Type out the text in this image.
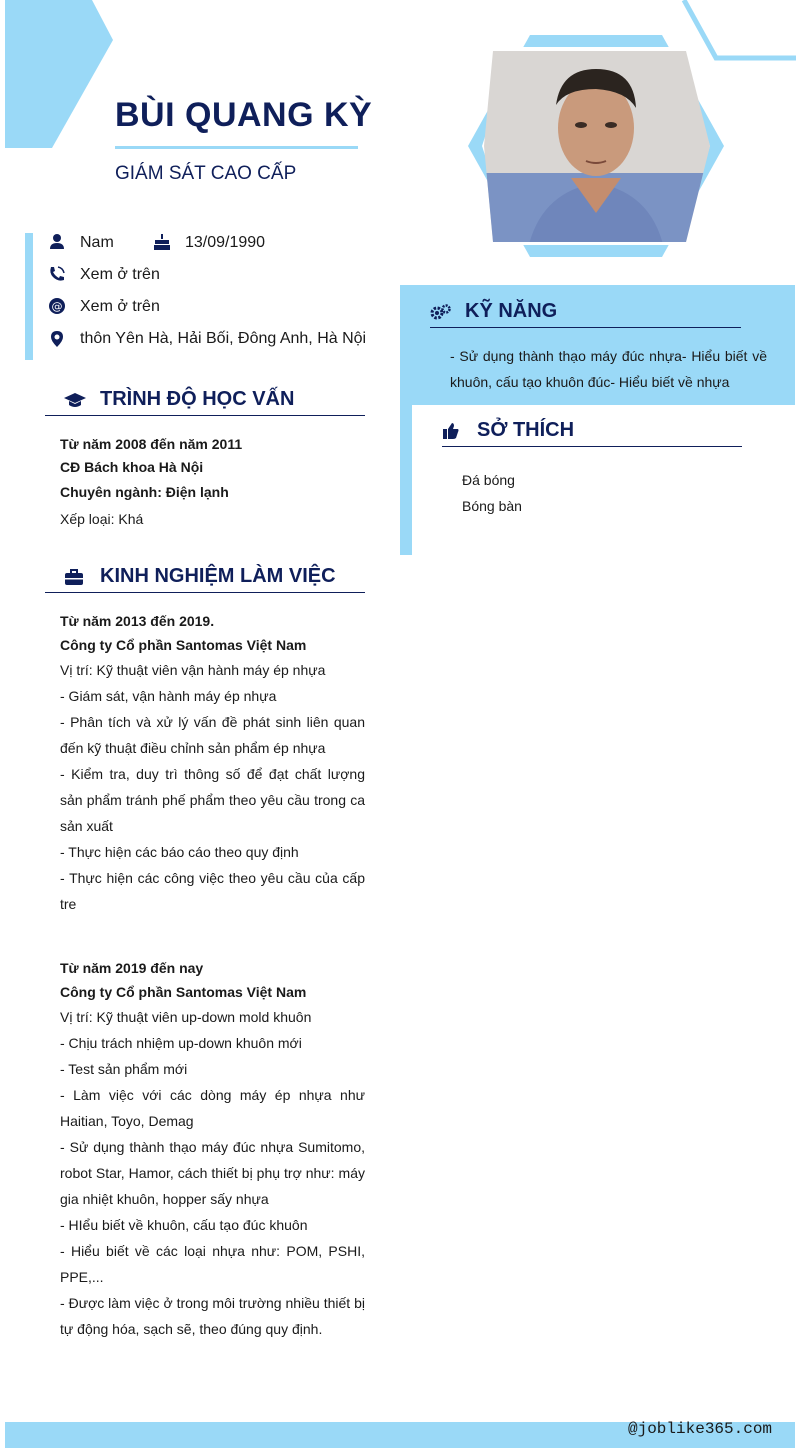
BÙI QUANG KỲ
GIÁM SÁT CAO CẤP
Nam	13/09/1990
Xem ở trên
@ Xem ở trên
thôn Yên Hà, Hải Bối, Đông Anh, Hà Nội
TRÌNH ĐỘ HỌC VẤN

Từ năm 2008 đến năm 2011

CĐ Bách khoa Hà Nội

Chuyên ngành: Điện lạnh

Xếp loại: Khá

KINH NGHIỆM LÀM VIỆC

Từ năm 2013 đến 2019.

Công ty Cổ phần Santomas Việt Nam

Vị trí: Kỹ thuật viên vận hành máy ép nhựa

- Giám sát, vận hành máy ép nhựa

- Phân tích và xử lý vấn đề phát sinh liên quan đến kỹ thuật điều chỉnh sản phẩm ép nhựa

- Kiểm tra, duy trì thông số để đạt chất lượng sản phẩm tránh phế phẩm theo yêu cầu trong ca sản xuất

- Thực hiện các báo cáo theo quy định

- Thực hiện các công việc theo yêu cầu của cấp tre

Từ năm 2019 đến nay

Công ty Cổ phần Santomas Việt Nam

Vị trí: Kỹ thuật viên up-down mold khuôn

- Chịu trách nhiệm up-down khuôn mới

- Test sản phẩm mới

- Làm việc với các dòng máy ép nhựa như Haitian, Toyo, Demag

- Sử dụng thành thạo máy đúc nhựa Sumitomo, robot Star, Hamor, cách thiết bị phụ trợ như: máy gia nhiệt khuôn, hopper sấy nhựa

- HIểu biết về khuôn, cấu tạo đúc khuôn

- Hiểu biết về các loại nhựa như: POM, PSHI, PPE,...

- Được làm việc ở trong môi trường nhiều thiết bị tự động hóa, sạch sẽ, theo đúng quy định.

KỸ NĂNG
- Sử dụng thành thạo máy đúc nhựa- Hiểu biết về khuôn, cấu tạo khuôn đúc- Hiểu biết về nhựa
SỞ THÍCH

Đá bóng

Bóng bàn

@joblike365.com
